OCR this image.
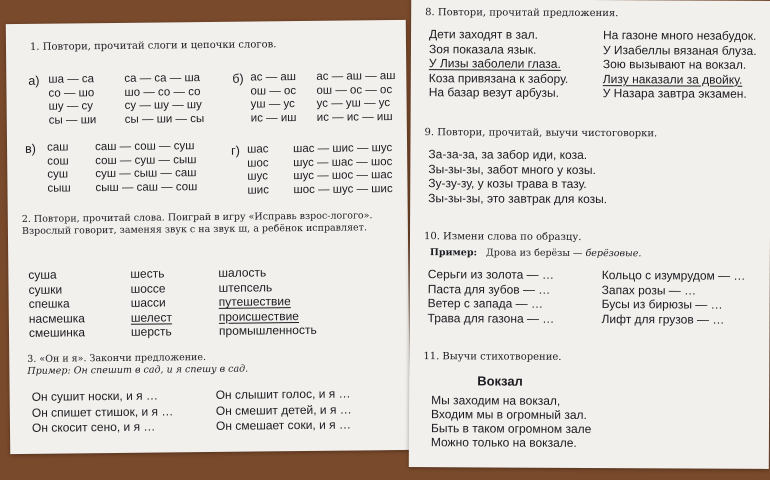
1. Повтори, прочитай слоги и цепочки слогов.
а) ша — са
со — шо
шу — су
сы — ши
са — са — ша
шо — со — со
су — шу — шу
сы — ши — сы
б) ас — аш
ош — ос
уш — ус
ис — иш
ас — аш — аш
ош — ос — ос
ус — уш — ус
ис — ис — иш
в) саш
сош
суш
сыш
саш — сош — суш
сош — суш — сыш
суш — сыш — саш
сыш — саш — сош
г) шас
шос
шус
шис
шас — шис — шус
шус — шас — шос
шус — шос — шас
шос — шус — шис
2. Повтори, прочитай слова. Поиграй в игру «Исправь взрос-логого». Взрослый говорит, заменяя звук с на звук ш, а ребёнок исправляет.
суша
сушки
спешка
насмешка
смешинка
шесть
шоссе
шасси
шелест
шерсть
шалость
штепсель
путешествие
происшествие
промышленность
3. «Он и я». Закончи предложение.
Пример: Он спешит в сад, и я спешу в сад.
Он сушит носки, и я …
Он спишет стишок, и я …
Он скосит сено, и я …
Он слышит голос, и я …
Он смешит детей, и я …
Он смешает соки, и я …
8. Повтори, прочитай предложения.
Дети заходят в зал.
Зоя показала язык.
У Лизы заболели глаза.
Коза привязана к забору.
На базар везут арбузы.
На газоне много незабудок.
У Изабеллы вязаная блуза.
Зою вызывают на вокзал.
Лизу наказали за двойку.
У Назара завтра экзамен.
9. Повтори, прочитай, выучи чистоговорки.
За-за-за, за забор иди, коза.
Зы-зы-зы, забот много у козы.
Зу-зу-зу, у козы трава в тазу.
Зы-зы-зы, это завтрак для козы.
10. Измени слова по образцу.
Пример: Дрова из берёзы — берёзовые.
Серьги из золота — …
Паста для зубов — …
Ветер с запада — …
Трава для газона — …
Кольцо с изумрудом — …
Запах розы — …
Бусы из бирюзы — …
Лифт для грузов — …
11. Выучи стихотворение.
Вокзал
Мы заходим на вокзал,
Входим мы в огромный зал.
Быть в таком огромном зале
Можно только на вокзале.
